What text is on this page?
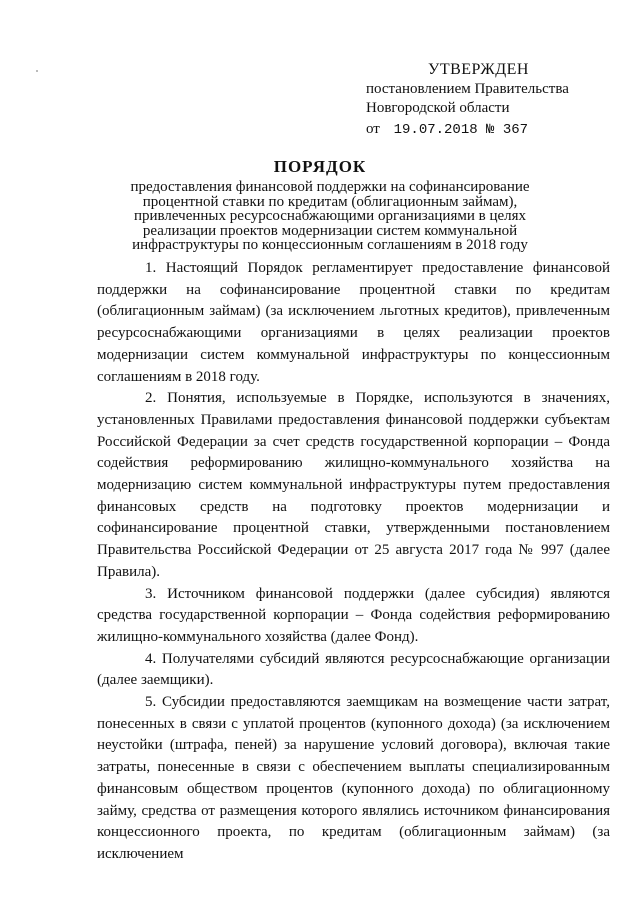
УТВЕРЖДЕН
постановлением Правительства
Новгородской области
от 19.07.2018 № 367
ПОРЯДОК
предоставления финансовой поддержки на софинансирование процентной ставки по кредитам (облигационным займам), привлеченных ресурсоснабжающими организациями в целях реализации проектов модернизации систем коммунальной инфраструктуры по концессионным соглашениям в 2018 году

1. Настоящий Порядок регламентирует предоставление финансовой поддержки на софинансирование процентной ставки по кредитам (облигационным займам) (за исключением льготных кредитов), привлеченным ресурсоснабжающими организациями в целях реализации проектов модернизации систем коммунальной инфраструктуры по концессионным соглашениям в 2018 году.

2. Понятия, используемые в Порядке, используются в значениях, установленных Правилами предоставления финансовой поддержки субъектам Российской Федерации за счет средств государственной корпорации – Фонда содействия реформированию жилищно-коммунального хозяйства на модернизацию систем коммунальной инфраструктуры путем предоставления финансовых средств на подготовку проектов модернизации и софинансирование процентной ставки, утвержденными постановлением Правительства Российской Федерации от 25 августа 2017 года № 997 (далее Правила).

3. Источником финансовой поддержки (далее субсидия) являются средства государственной корпорации – Фонда содействия реформированию жилищно-коммунального хозяйства (далее Фонд).

4. Получателями субсидий являются ресурсоснабжающие организации (далее заемщики).

5. Субсидии предоставляются заемщикам на возмещение части затрат, понесенных в связи с уплатой процентов (купонного дохода) (за исключением неустойки (штрафа, пеней) за нарушение условий договора), включая такие затраты, понесенные в связи с обеспечением выплаты специализированным финансовым обществом процентов (купонного дохода) по облигационному займу, средства от размещения которого являлись источником финансирования концессионного проекта, по кредитам (облигационным займам) (за исключением
